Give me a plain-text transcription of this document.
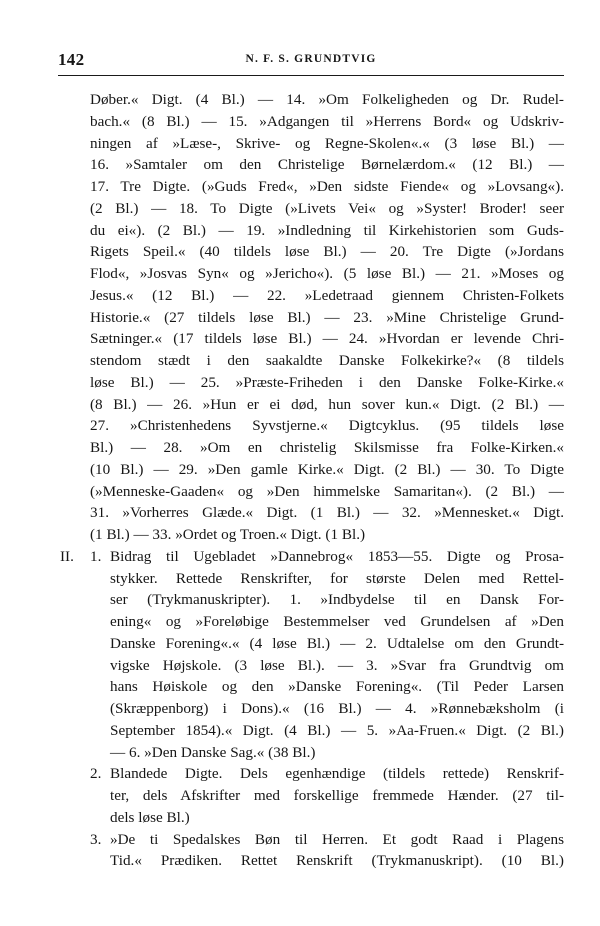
142	N. F. S. GRUNDTVIG
Døber.« Digt. (4 Bl.) — 14. »Om Folkeligheden og Dr. Rudel-
bach.« (8 Bl.) — 15. »Adgangen til »Herrens Bord« og Udskriv-
ningen af »Læse-, Skrive- og Regne-Skolen«.« (3 løse Bl.) —
16. »Samtaler om den Christelige Børnelærdom.« (12 Bl.) —
17. Tre Digte. (»Guds Fred«, »Den sidste Fiende« og »Lovsang«).
(2 Bl.) — 18. To Digte (»Livets Vei« og »Syster! Broder! seer
du ei«). (2 Bl.) — 19. »Indledning til Kirkehistorien som Guds-
Rigets Speil.« (40 tildels løse Bl.) — 20. Tre Digte (»Jordans
Flod«, »Josvas Syn« og »Jericho«). (5 løse Bl.) — 21. »Moses og
Jesus.« (12 Bl.) — 22. »Ledetraad giennem Christen-Folkets
Historie.« (27 tildels løse Bl.) — 23. »Mine Christelige Grund-
Sætninger.« (17 tildels løse Bl.) — 24. »Hvordan er levende Chri-
stendom stædt i den saakaldte Danske Folkekirke?« (8 tildels
løse Bl.) — 25. »Præste-Friheden i den Danske Folke-Kirke.«
(8 Bl.) — 26. »Hun er ei død, hun sover kun.« Digt. (2 Bl.) —
27. »Christenhedens Syvstjerne.« Digtcyklus. (95 tildels løse
Bl.) — 28. »Om en christelig Skilsmisse fra Folke-Kirken.«
(10 Bl.) — 29. »Den gamle Kirke.« Digt. (2 Bl.) — 30. To Digte
(»Menneske-Gaaden« og »Den himmelske Samaritan«). (2 Bl.) —
31. »Vorherres Glæde.« Digt. (1 Bl.) — 32. »Mennesket.« Digt.
(1 Bl.) — 33. »Ordet og Troen.« Digt. (1 Bl.)
II. 1. Bidrag til Ugebladet »Dannebrog« 1853—55. Digte og Prosa-
stykker. Rettede Renskrifter, for største Delen med Rettel-
ser (Trykmanuskripter). 1. »Indbydelse til en Dansk For-
ening« og »Foreløbige Bestemmelser ved Grundelsen af »Den
Danske Forening«.« (4 løse Bl.) — 2. Udtalelse om den Grundt-
vigske Højskole. (3 løse Bl.). — 3. »Svar fra Grundtvig om
hans Høiskole og den »Danske Forening«. (Til Peder Larsen
(Skræppenborg) i Dons).« (16 Bl.) — 4. »Rønnebæksholm (i
September 1854).« Digt. (4 Bl.) — 5. »Aa-Fruen.« Digt. (2 Bl.)
— 6. »Den Danske Sag.« (38 Bl.)
2. Blandede Digte. Dels egenhændige (tildels rettede) Renskrif-
ter, dels Afskrifter med forskellige fremmede Hænder. (27 til-
dels løse Bl.)
3. »De ti Spedalskes Bøn til Herren. Et godt Raad i Plagens
Tid.« Prædiken. Rettet Renskrift (Trykmanuskript). (10 Bl.)
